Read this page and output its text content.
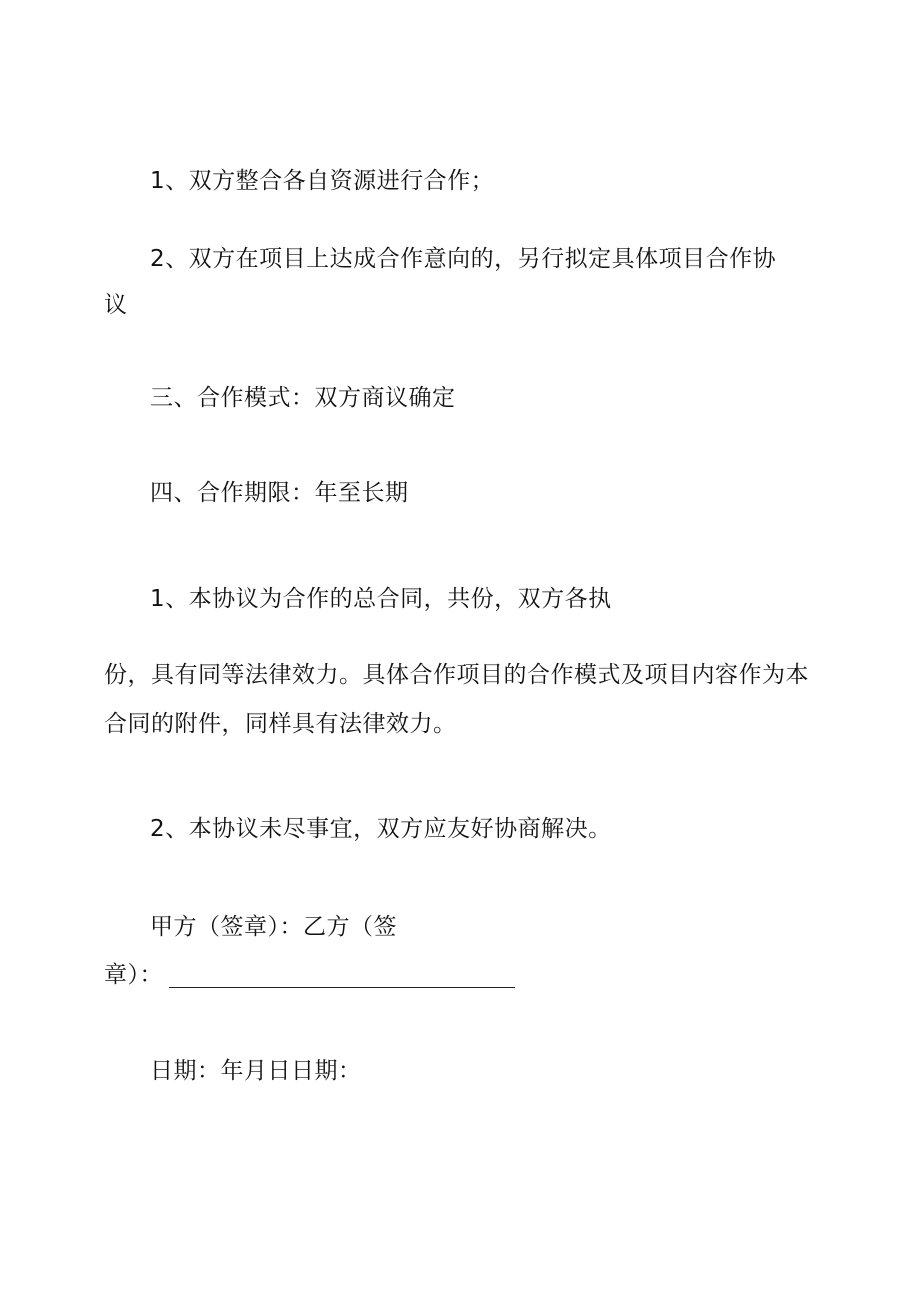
1、双方整合各自资源进行合作；
2、双方在项目上达成合作意向的，另行拟定具体项目合作协
议
三、合作模式：双方商议确定
四、合作期限：年至长期
1、本协议为合作的总合同，共份，双方各执
份，具有同等法律效力。具体合作项目的合作模式及项目内容作为本
合同的附件，同样具有法律效力。
2、本协议未尽事宜，双方应友好协商解决。
甲方（签章）：乙方（签
章）：
日期：年月日日期：
